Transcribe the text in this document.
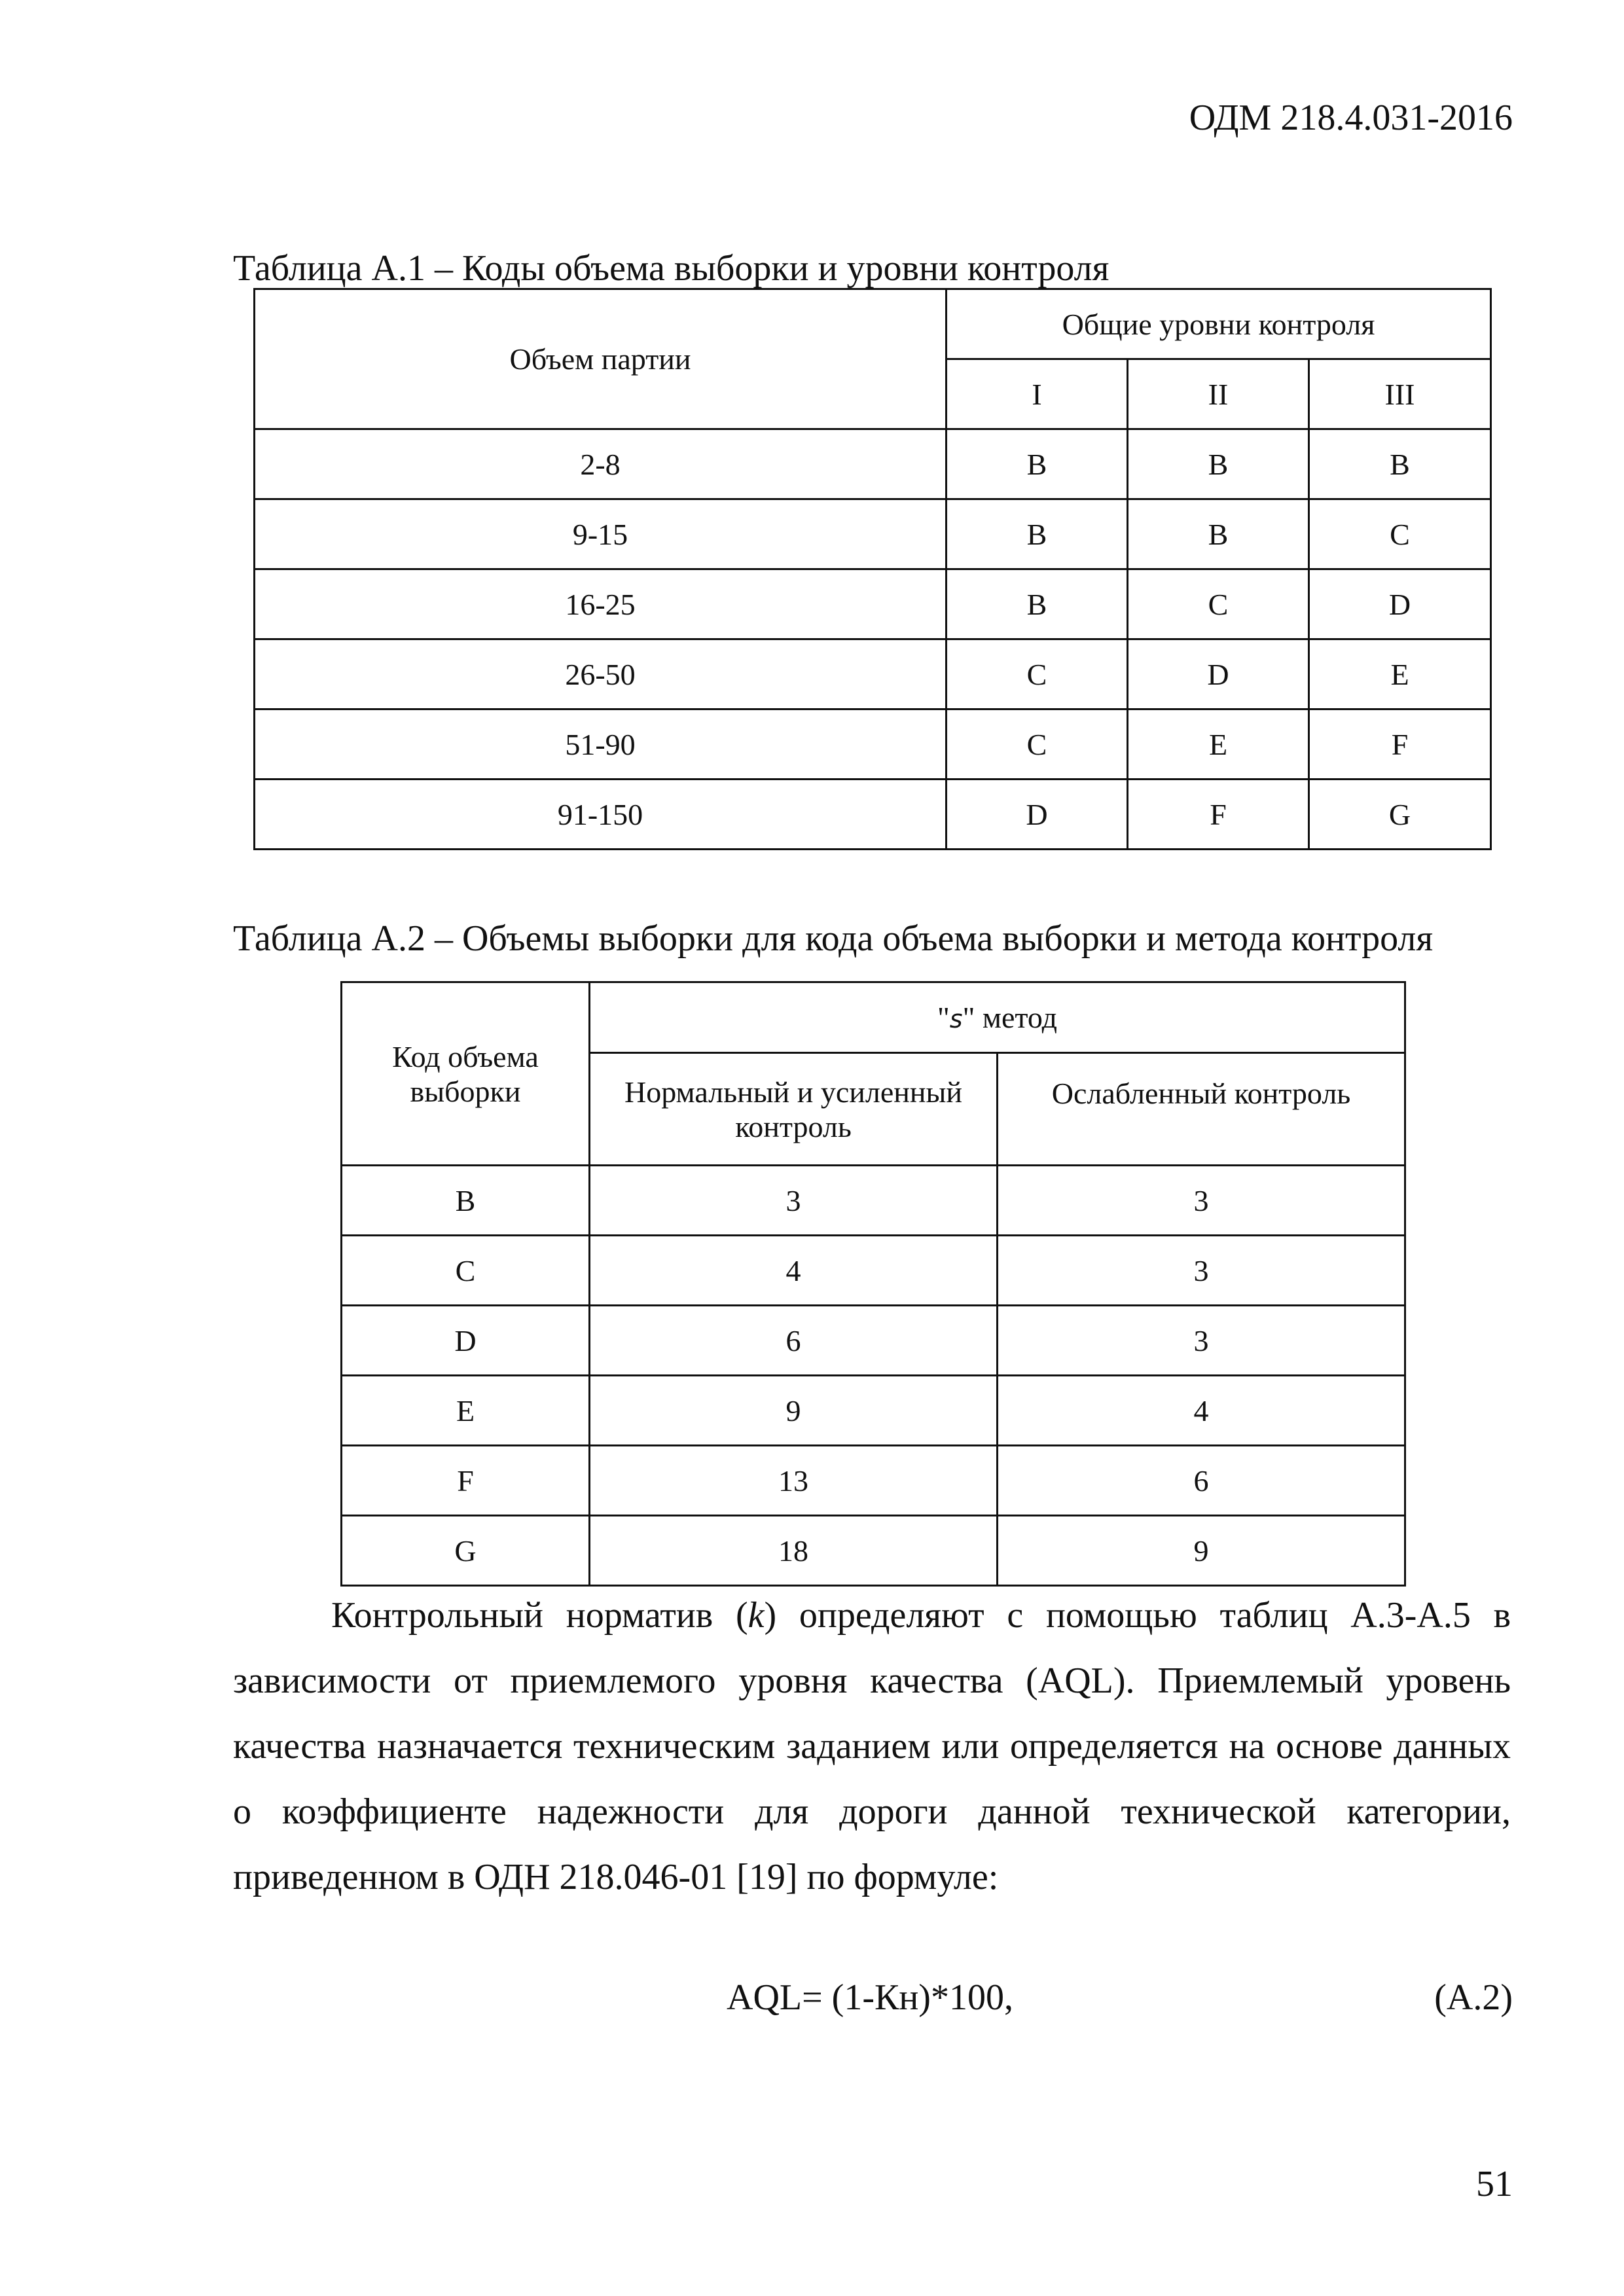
ОДМ 218.4.031-2016
Таблица А.1 – Коды объема выборки и уровни контроля
Объем партии	Общие уровни контроля		
	I	II	III
2-8	B	B	B
9-15	B	B	C
16-25	B	C	D
26-50	C	D	E
51-90	C	E	F
91-150	D	F	G
Таблица А.2 – Объемы выборки для кода объема выборки и метода контроля
Код объема выборки	"s" метод	
	Нормальный и усиленный контроль	Ослабленный контроль
B	3	3
C	4	3
D	6	3
E	9	4
F	13	6
G	18	9
Контрольный норматив (k) определяют с помощью таблиц А.3-А.5 в зависимости от приемлемого уровня качества (AQL). Приемлемый уровень качества назначается техническим заданием или определяется на основе данных о коэффициенте надежности для дороги данной технической категории, приведенном в ОДН 218.046-01 [19] по формуле:
AQL= (1-Кн)*100,	(А.2)
51
